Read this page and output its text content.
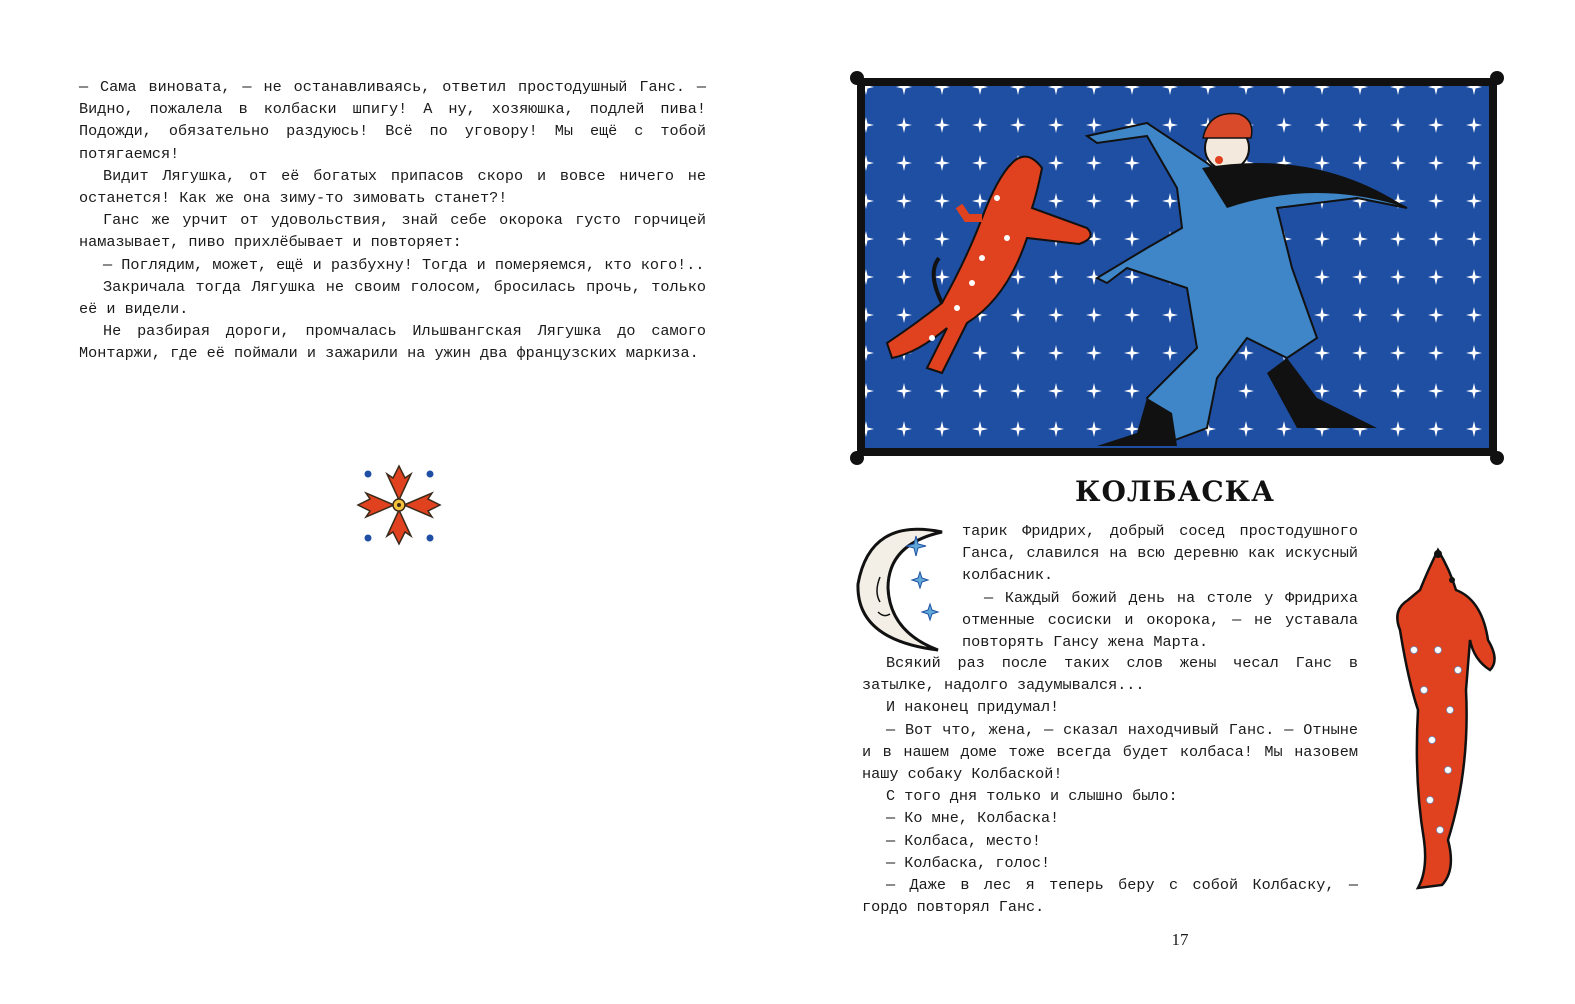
— Сама виновата, — не останавливаясь, ответил простодушный Ганс. — Видно, пожалела в колбаски шпигу! А ну, хозяюшка, подлей пива! Подожди, обязательно раздуюсь! Всё по уговору! Мы ещё с тобой потягаемся!

Видит Лягушка, от её богатых припасов скоро и вовсе ничего не останется! Как же она зиму-то зимовать станет?!

Ганс же урчит от удовольствия, знай себе окорока густо горчицей намазывает, пиво прихлёбывает и повторяет:

— Поглядим, может, ещё и разбухну! Тогда и померяемся, кто кого!..

Закричала тогда Лягушка не своим голосом, бросилась прочь, только её и видели.

Не разбирая дороги, промчалась Ильшвангская Лягушка до самого Монтаржи, где её поймали и зажарили на ужин два французских маркиза.

КОЛБАСКА

тарик Фридрих, добрый сосед простодушного Ганса, славился на всю деревню как искусный колбасник.

— Каждый божий день на столе у Фридриха отменные сосиски и окорока, — не уставала повторять Гансу жена Марта.

Всякий раз после таких слов жены чесал Ганс в затылке, надолго задумывался...

И наконец придумал!

— Вот что, жена, — сказал находчивый Ганс. — Отныне и в нашем доме тоже всегда будет колбаса! Мы назовем нашу собаку Колбаской!

С того дня только и слышно было:

— Ко мне, Колбаска!

— Колбаса, место!

— Колбаска, голос!

— Даже в лес я теперь беру с собой Колбаску, — гордо повторял Ганс.

17
